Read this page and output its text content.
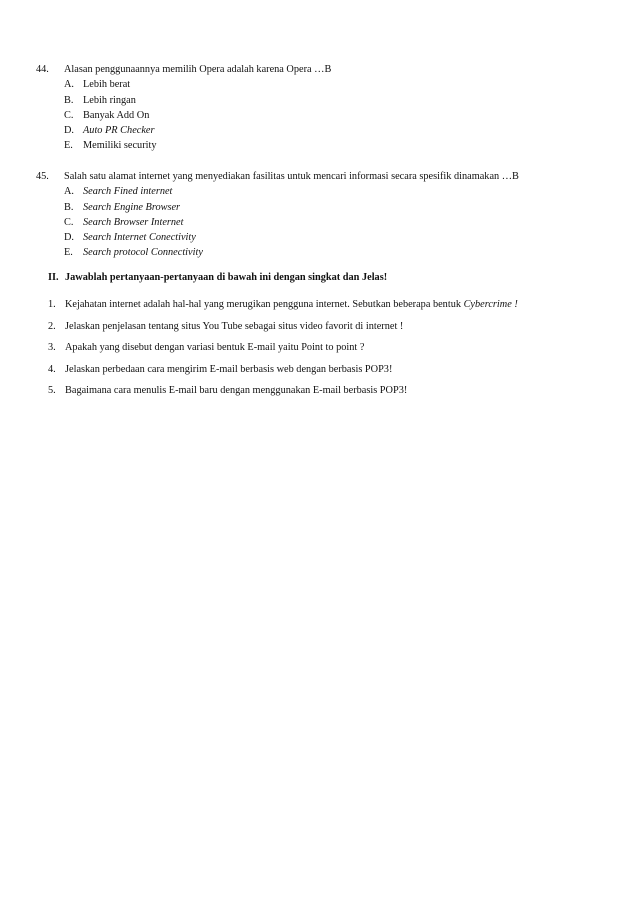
44.	Alasan penggunaannya memilih Opera adalah karena Opera …B
A. Lebih berat
B. Lebih ringan
C. Banyak Add On
D. Auto PR Checker
E. Memiliki security
45.	Salah satu alamat internet yang menyediakan fasilitas untuk mencari informasi secara spesifik dinamakan …B
A. Search Fined internet
B. Search Engine Browser
C. Search Browser Internet
D. Search Internet Conectivity
E. Search protocol Connectivity
II. Jawablah pertanyaan-pertanyaan di bawah ini dengan singkat dan Jelas!
1. Kejahatan internet adalah hal-hal yang merugikan pengguna internet. Sebutkan beberapa bentuk Cybercrime !
2. Jelaskan penjelasan tentang situs You Tube sebagai situs video favorit di internet !
3. Apakah yang disebut dengan variasi bentuk E-mail yaitu Point to point ?
4. Jelaskan perbedaan cara mengirim E-mail berbasis web dengan berbasis POP3!
5. Bagaimana cara menulis E-mail baru dengan menggunakan E-mail berbasis POP3!
